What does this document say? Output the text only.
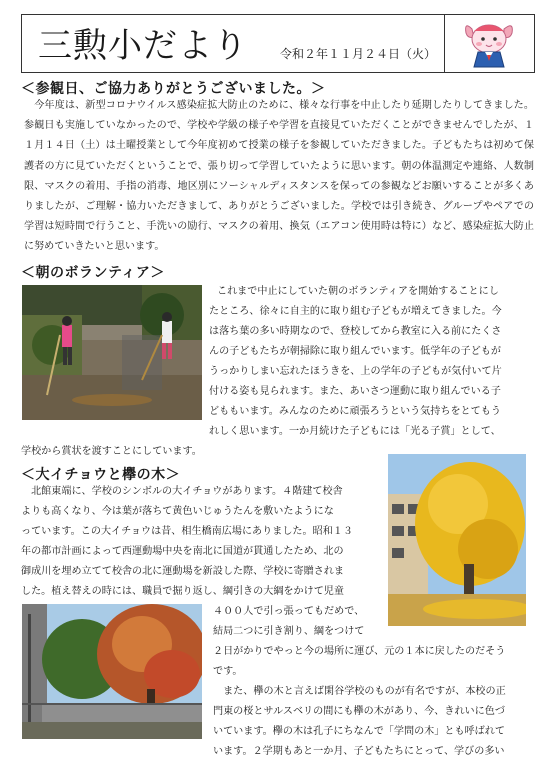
三勲小だより	令和２年１１月２４日（火）
＜参観日、ご協力ありがとうございました。＞
　今年度は、新型コロナウイルス感染症拡大防止のために、様々な行事を中止したり延期したりしてきました。参観日も実施していなかったので、学校や学級の様子や学習を直接見ていただくことができませんでしたが、１１月１４日（土）は土曜授業として今年度初めて授業の様子を参観していただきました。子どもたちは初めて保護者の方に見ていただくということで、張り切って学習していたように思います。朝の体温測定や連絡、人数制限、マスクの着用、手指の消毒、地区別にソーシャルディスタンスを保っての参観などお願いすることが多くありましたが、ご理解・協力いただきまして、ありがとうございました。学校では引き続き、グループやペアでの学習は短時間で行うこと、手洗いの励行、マスクの着用、換気（エアコン使用時は特に）など、感染症拡大防止に努めていきたいと思います。
＜朝のボランティア＞
これまで中止にしていた朝のボランティアを開始することにし
たところ、徐々に自主的に取り組む子どもが増えてきました。今
は落ち葉の多い時期なので、登校してから教室に入る前にたくさ
んの子どもたちが朝掃除に取り組んでいます。低学年の子どもが
うっかりしまい忘れたほうきを、上の学年の子どもが気付いて片
付ける姿も見られます。また、あいさつ運動に取り組んでいる子
どももいます。みんなのために頑張ろうという気持ちをとてもう
れしく思います。一か月続けた子どもには「光る子賞」として、
学校から賞状を渡すことにしています。
＜大イチョウと欅の木＞
　北館東端に、学校のシンボルの大イチョウがあります。４階建て校舎
よりも高くなり、今は葉が落ちて黄色いじゅうたんを敷いたようにな
っています。この大イチョウは昔、相生橋南広場にありました。昭和１３
年の都市計画によって西運動場中央を南北に国道が貫通したため、北の
御成川を埋め立てて校舎の北に運動場を新設した際、学校に寄贈されま
した。植え替えの時には、職員で掘り返し、綱引きの大綱をかけて児童
４００人で引っ張ってもだめで、
結局二つに引き割り、綱をつけて
２日がかりでやっと今の場所に運び、元の１本に戻したのだそう
です。
　また、欅の木と言えば閑谷学校のものが有名ですが、本校の正
門東の桜とサルスベリの間にも欅の木があり、今、きれいに色づ
いています。欅の木は孔子にちなんで「学問の木」とも呼ばれて
います。２学期もあと一か月、子どもたちにとって、学びの多い
